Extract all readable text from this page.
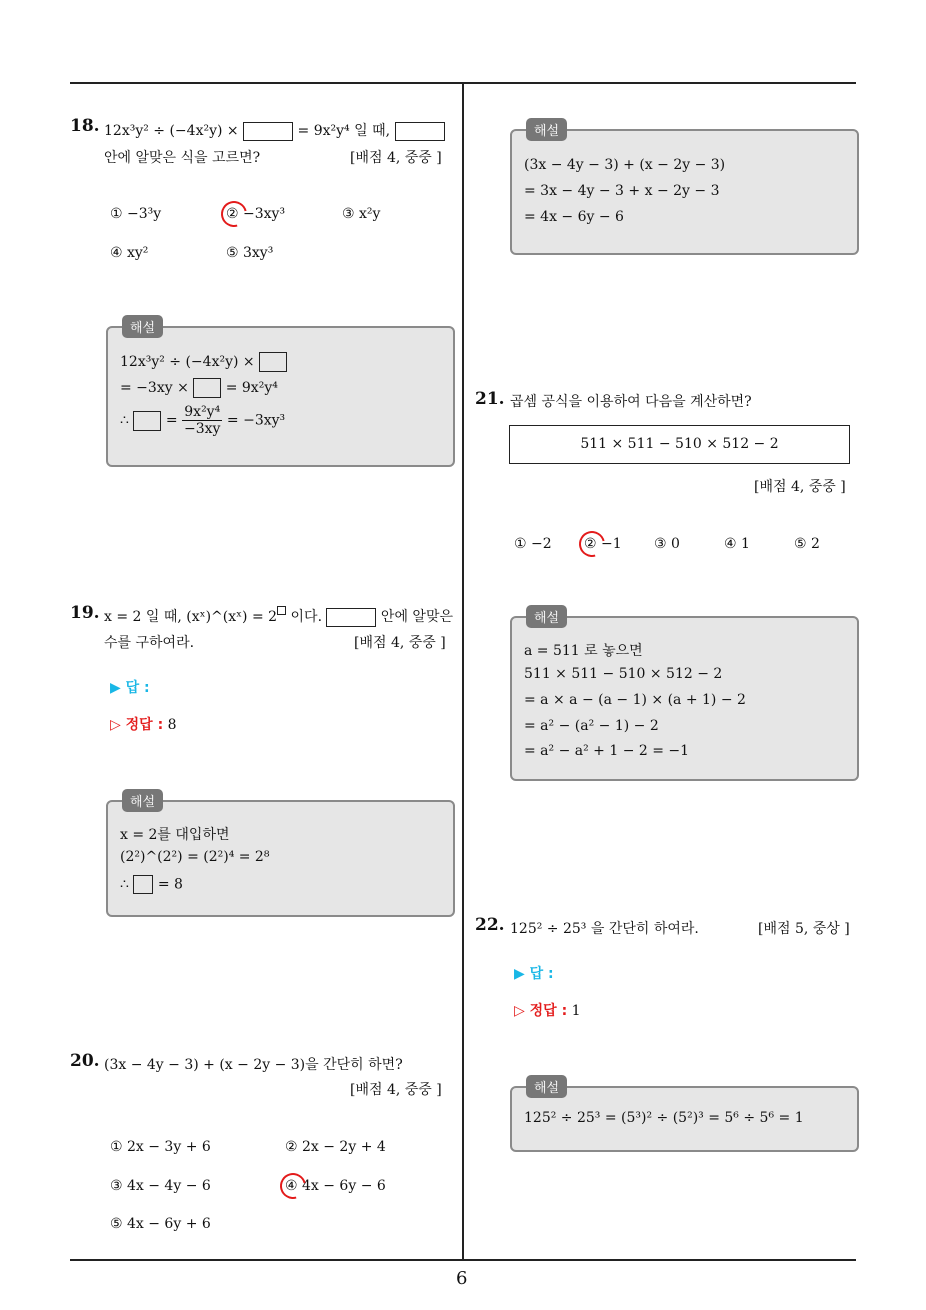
6
18. 12x³y² ÷ (−4x²y) ×	= 9x²y⁴ 일 때,
안에 알맞은 식을 고르면?	[배점 4, 중중 ]
① −3³y	② −3xy³	③ x²y
④ xy²	⑤ 3xy³
해설
12x³y² ÷ (−4x²y) ×
= −3xy ×	= 9x²y⁴
∴	= $\frac{\text{9x²y⁴}}{-3xy} = -3xy^3$
19. x = 2 일 때, (xˣ)^(xˣ) = 2 이다.	안에 알맞은
수를 구하여라.	[배점 4, 중중 ]
▶ 답 :
▷ 정답 : 8
해설
x = 2를 대입하면
(2²)^(2²) = (2²)⁴ = 2⁸
∴ = 8
20. (3x − 4y − 3) + (x − 2y − 3)을 간단히 하면?
[배점 4, 중중 ]
① 2x − 3y + 6	② 2x − 2y + 4
③ 4x − 4y − 6	④ 4x − 6y − 6
⑤ 4x − 6y + 6
해설
(3x − 4y − 3) + (x − 2y − 3)
= 3x − 4y − 3 + x − 2y − 3
= 4x − 6y − 6
21. 곱셈 공식을 이용하여 다음을 계산하면?
511 × 511 − 510 × 512 − 2
[배점 4, 중중 ]
① −2 ② −1 ③ 0	④ 1	⑤ 2
해설
a = 511 로 놓으면
511 × 511 − 510 × 512 − 2
= a × a − (a − 1) × (a + 1) − 2
= a² − (a² − 1) − 2
= a² − a² + 1 − 2 = −1
22. 125² ÷ 25³ 을 간단히 하여라.	[배점 5, 중상 ]
▶ 답 :
▷ 정답 : 1
해설
125² ÷ 25³ = (5³)² ÷ (5²)³ = 5⁶ ÷ 5⁶ = 1
